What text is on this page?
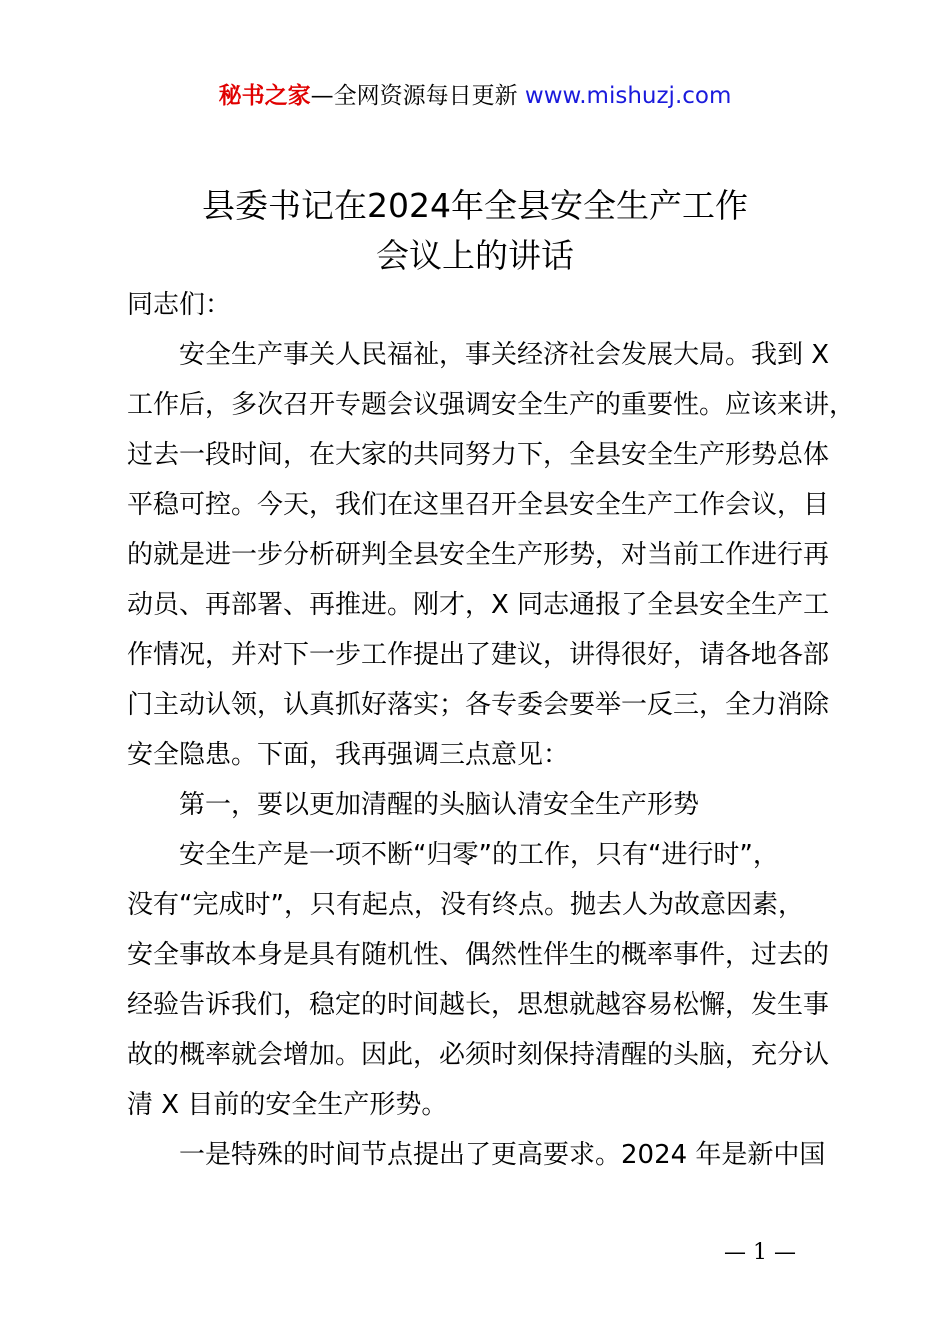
秘书之家—全网资源每日更新 www.mishuzj.com
县委书记在2024年全县安全生产工作
会议上的讲话
同志们：
　　安全生产事关人民福祉，事关经济社会发展大局。我到 X
工作后，多次召开专题会议强调安全生产的重要性。应该来讲，
过去一段时间，在大家的共同努力下，全县安全生产形势总体
平稳可控。今天，我们在这里召开全县安全生产工作会议，目
的就是进一步分析研判全县安全生产形势，对当前工作进行再
动员、再部署、再推进。刚才，X 同志通报了全县安全生产工
作情况，并对下一步工作提出了建议，讲得很好，请各地各部
门主动认领，认真抓好落实；各专委会要举一反三，全力消除
安全隐患。下面，我再强调三点意见：
　　第一，要以更加清醒的头脑认清安全生产形势
　　安全生产是一项不断“归零”的工作，只有“进行时”，
没有“完成时”，只有起点，没有终点。抛去人为故意因素，
安全事故本身是具有随机性、偶然性伴生的概率事件，过去的
经验告诉我们，稳定的时间越长，思想就越容易松懈，发生事
故的概率就会增加。因此，必须时刻保持清醒的头脑，充分认
清 X 目前的安全生产形势。
　　一是特殊的时间节点提出了更高要求。2024 年是新中国
— 1 —
